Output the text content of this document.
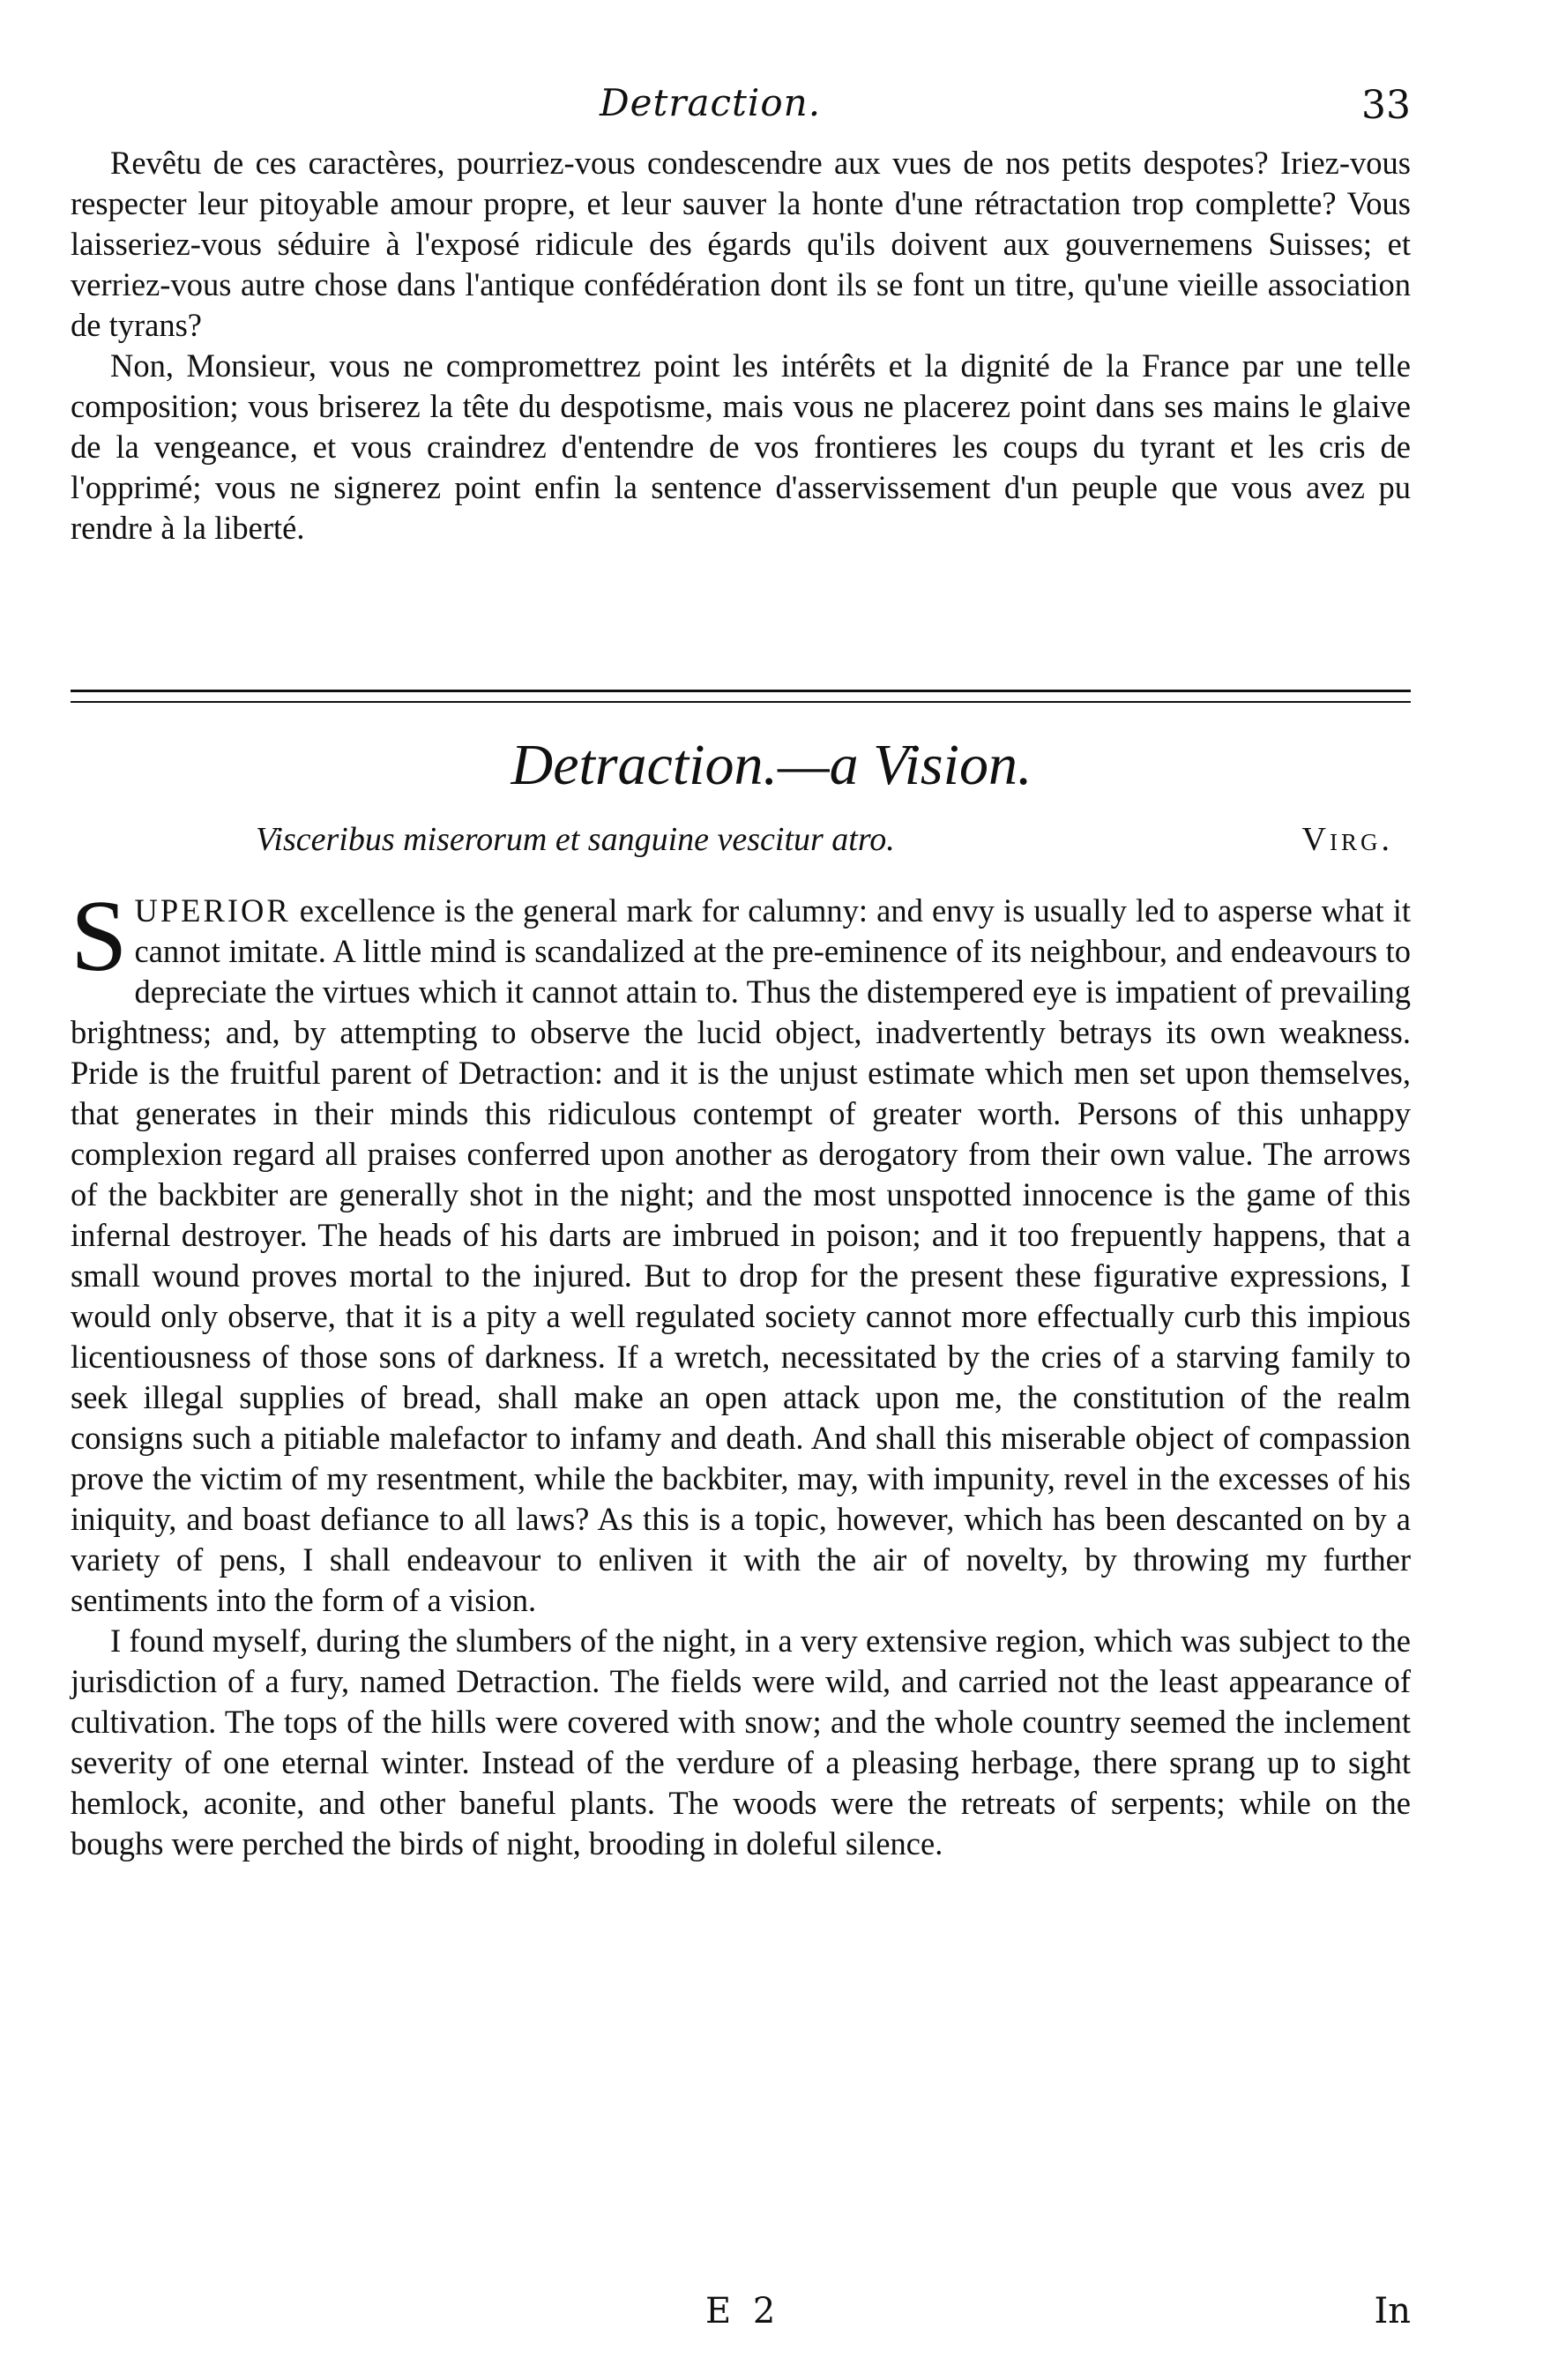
Detraction.	33

Revêtu de ces caractères, pourriez-vous condescendre aux vues de nos petits despotes? Iriez-vous respecter leur pitoyable amour propre, et leur sauver la honte d'une rétractation trop complette? Vous laisseriez-vous séduire à l'exposé ridicule des égards qu'ils doivent aux gouvernemens Suisses; et verriez-vous autre chose dans l'antique confédération dont ils se font un titre, qu'une vieille association de tyrans?

Non, Monsieur, vous ne compromettrez point les intérêts et la dignité de la France par une telle composition; vous briserez la tête du despotisme, mais vous ne placerez point dans ses mains le glaive de la vengeance, et vous craindrez d'entendre de vos frontieres les coups du tyrant et les cris de l'opprimé; vous ne signerez point enfin la sentence d'asservissement d'un peuple que vous avez pu rendre à la liberté.

Detraction.—a Vision.
Visceribus miserorum et sanguine vescitur atro.	Virg.

SUPERIOR excellence is the general mark for calumny: and envy is usually led to asperse what it cannot imitate. A little mind is scandalized at the pre-eminence of its neighbour, and endeavours to depreciate the virtues which it cannot attain to. Thus the distempered eye is impatient of prevailing brightness; and, by attempting to observe the lucid object, inadvertently betrays its own weakness. Pride is the fruitful parent of Detraction: and it is the unjust estimate which men set upon themselves, that generates in their minds this ridiculous contempt of greater worth. Persons of this unhappy complexion regard all praises conferred upon another as derogatory from their own value. The arrows of the backbiter are generally shot in the night; and the most unspotted innocence is the game of this infernal destroyer. The heads of his darts are imbrued in poison; and it too frepuently happens, that a small wound proves mortal to the injured. But to drop for the present these figurative expressions, I would only observe, that it is a pity a well regulated society cannot more effectually curb this impious licentiousness of those sons of darkness. If a wretch, necessitated by the cries of a starving family to seek illegal supplies of bread, shall make an open attack upon me, the constitution of the realm consigns such a pitiable malefactor to infamy and death. And shall this miserable object of compassion prove the victim of my resentment, while the backbiter, may, with impunity, revel in the excesses of his iniquity, and boast defiance to all laws? As this is a topic, however, which has been descanted on by a variety of pens, I shall endeavour to enliven it with the air of novelty, by throwing my further sentiments into the form of a vision.

I found myself, during the slumbers of the night, in a very extensive region, which was subject to the jurisdiction of a fury, named Detraction. The fields were wild, and carried not the least appearance of cultivation. The tops of the hills were covered with snow; and the whole country seemed the inclement severity of one eternal winter. Instead of the verdure of a pleasing herbage, there sprang up to sight hemlock, aconite, and other baneful plants. The woods were the retreats of serpents; while on the boughs were perched the birds of night, brooding in doleful silence.

E 2	In
